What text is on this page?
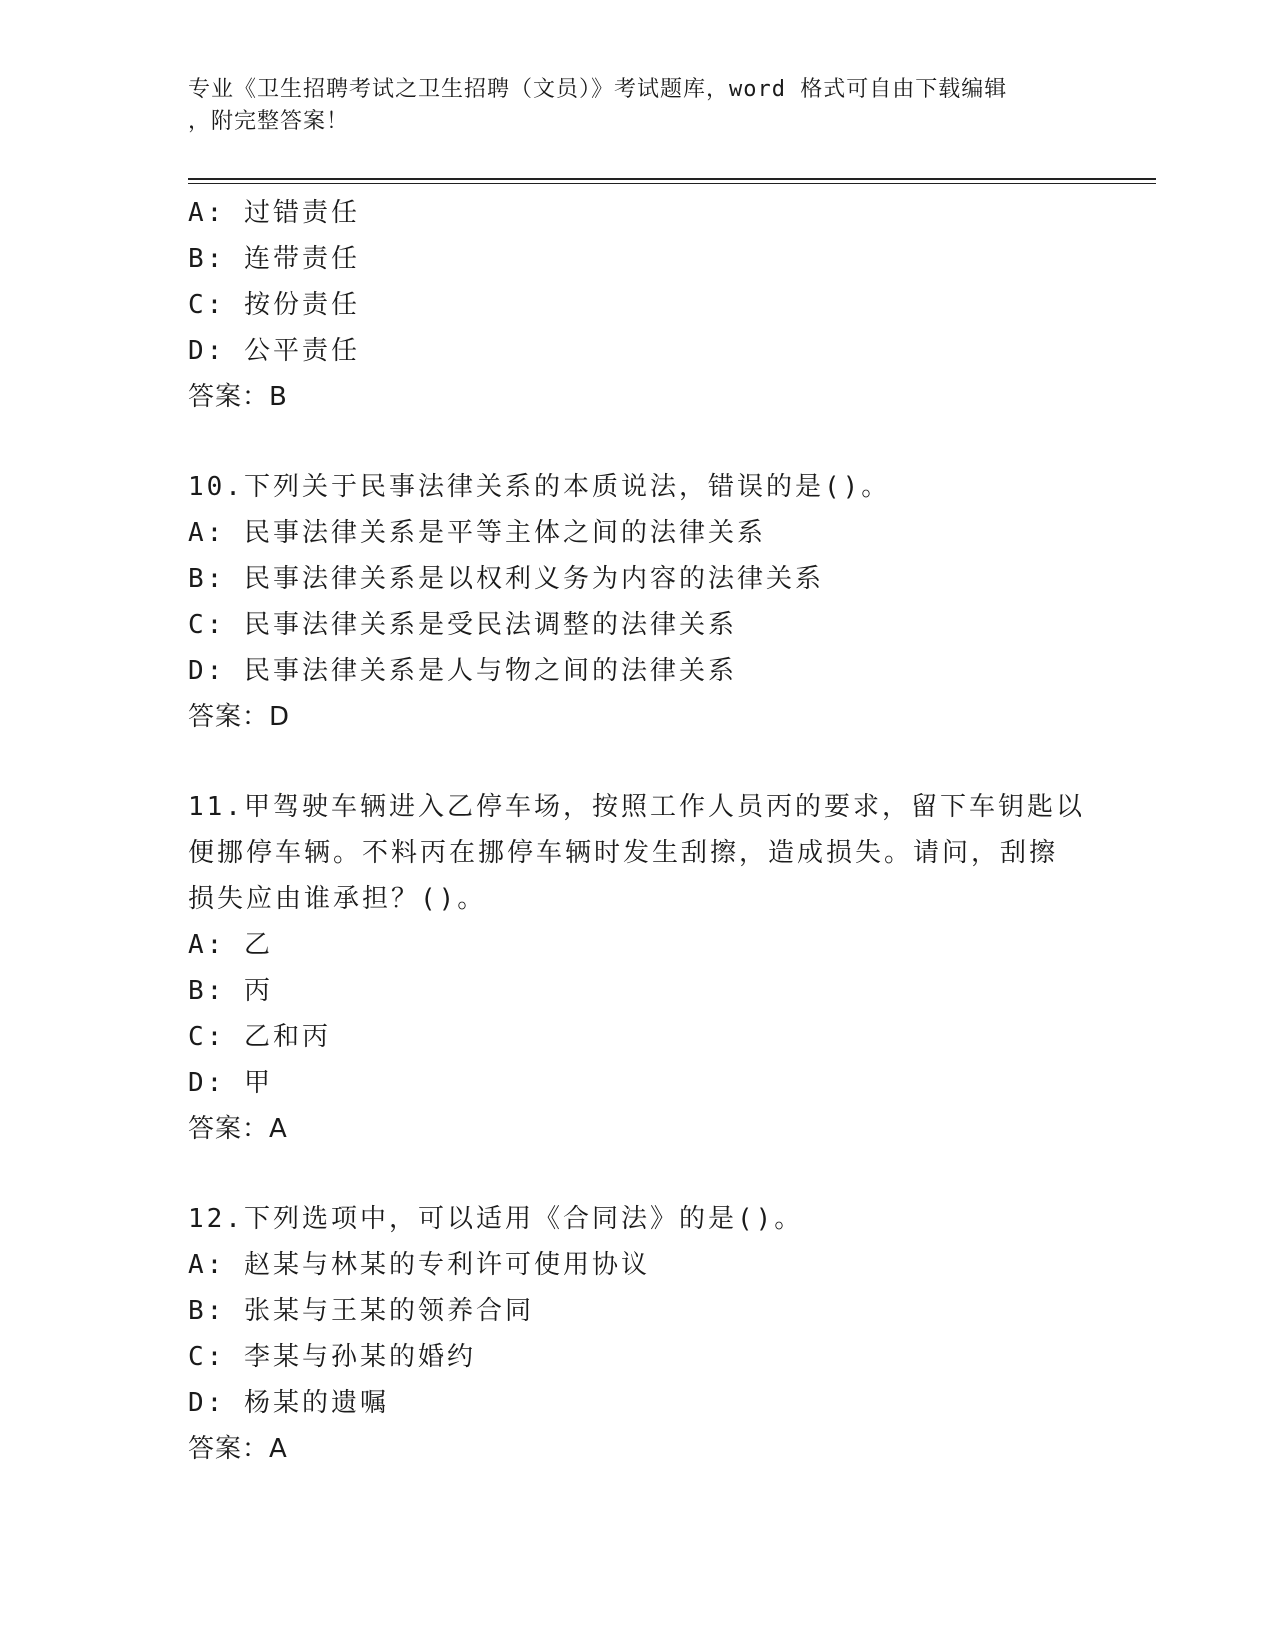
专业《卫生招聘考试之卫生招聘（文员）》考试题库，word 格式可自由下载编辑
，附完整答案！
A: 过错责任
B: 连带责任
C: 按份责任
D: 公平责任
答案：B
10.下列关于民事法律关系的本质说法，错误的是()。
A: 民事法律关系是平等主体之间的法律关系
B: 民事法律关系是以权利义务为内容的法律关系
C: 民事法律关系是受民法调整的法律关系
D: 民事法律关系是人与物之间的法律关系
答案：D
11.甲驾驶车辆进入乙停车场，按照工作人员丙的要求，留下车钥匙以
便挪停车辆。不料丙在挪停车辆时发生刮擦，造成损失。请问，刮擦
损失应由谁承担？()。
A: 乙
B: 丙
C: 乙和丙
D: 甲
答案：A
12.下列选项中，可以适用《合同法》的是()。
A: 赵某与林某的专利许可使用协议
B: 张某与王某的领养合同
C: 李某与孙某的婚约
D: 杨某的遗嘱
答案：A
